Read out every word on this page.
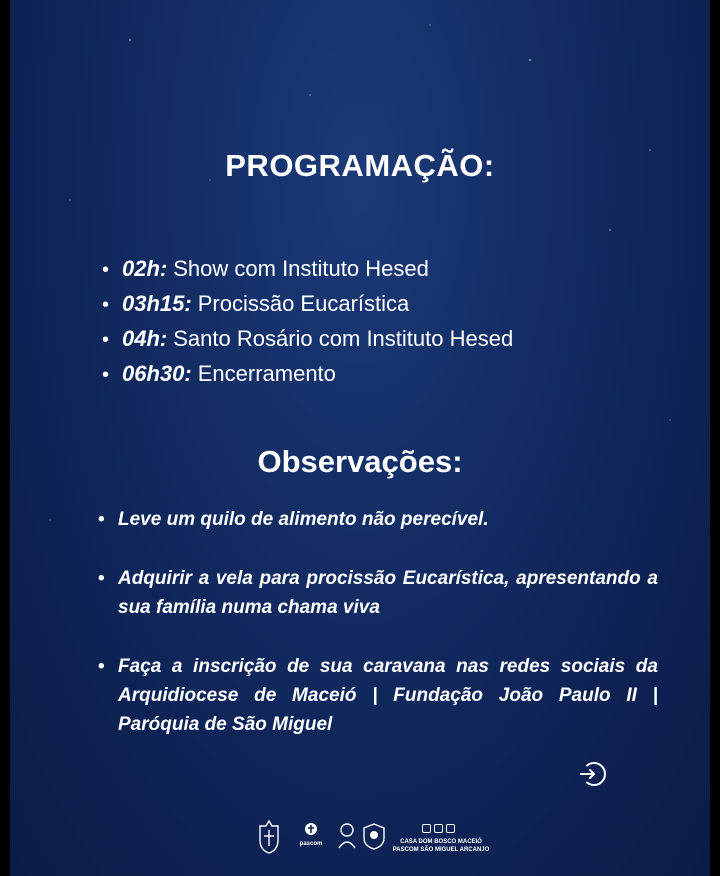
PROGRAMAÇÃO:
• 02h: Show com Instituto Hesed
• 03h15: Procissão Eucarística
• 04h: Santo Rosário com Instituto Hesed
• 06h30: Encerramento
Observações:
• Leve um quilo de alimento não perecível.
• Adquirir a vela para procissão Eucarística, apresentando a sua família numa chama viva
• Faça a inscrição de sua caravana nas redes sociais da Arquidiocese de Maceió | Fundação João Paulo II | Paróquia de São Miguel
pascom	CASA DOM BOSCO MACEIÓ
PASCOM SÃO MIGUEL ARCANJO
